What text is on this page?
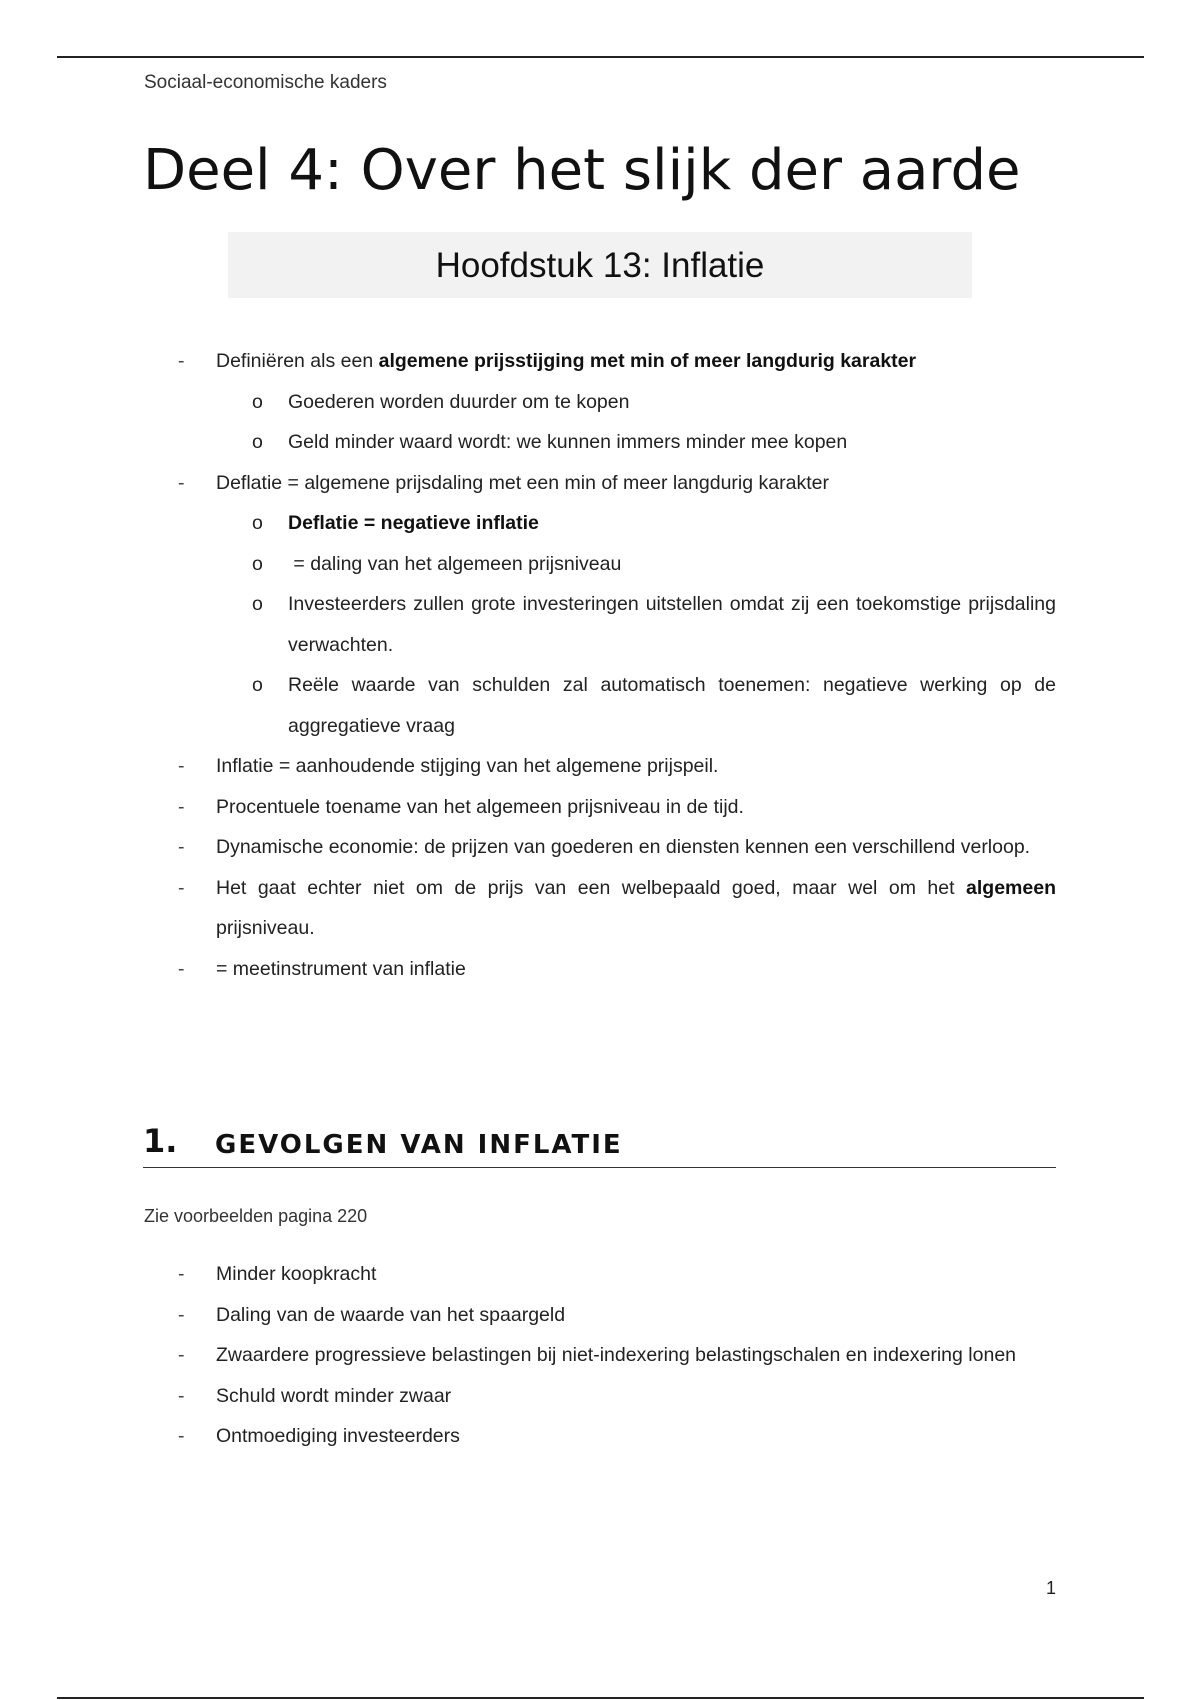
Sociaal-economische kaders
Deel 4: Over het slijk der aarde
Hoofdstuk 13: Inflatie
- Definiëren als een algemene prijsstijging met min of meer langdurig karakter
o Goederen worden duurder om te kopen
o Geld minder waard wordt: we kunnen immers minder mee kopen
- Deflatie = algemene prijsdaling met een min of meer langdurig karakter
o Deflatie = negatieve inflatie
o = daling van het algemeen prijsniveau
o Investeerders zullen grote investeringen uitstellen omdat zij een toekomstige prijsdaling verwachten.
o Reële waarde van schulden zal automatisch toenemen: negatieve werking op de aggregatieve vraag
- Inflatie = aanhoudende stijging van het algemene prijspeil.
- Procentuele toename van het algemeen prijsniveau in de tijd.
- Dynamische economie: de prijzen van goederen en diensten kennen een verschillend verloop.
- Het gaat echter niet om de prijs van een welbepaald goed, maar wel om het algemeen prijsniveau.
- = meetinstrument van inflatie
1. GEVOLGEN VAN INFLATIE
Zie voorbeelden pagina 220
- Minder koopkracht
- Daling van de waarde van het spaargeld
- Zwaardere progressieve belastingen bij niet-indexering belastingschalen en indexering lonen
- Schuld wordt minder zwaar
- Ontmoediging investeerders
1
